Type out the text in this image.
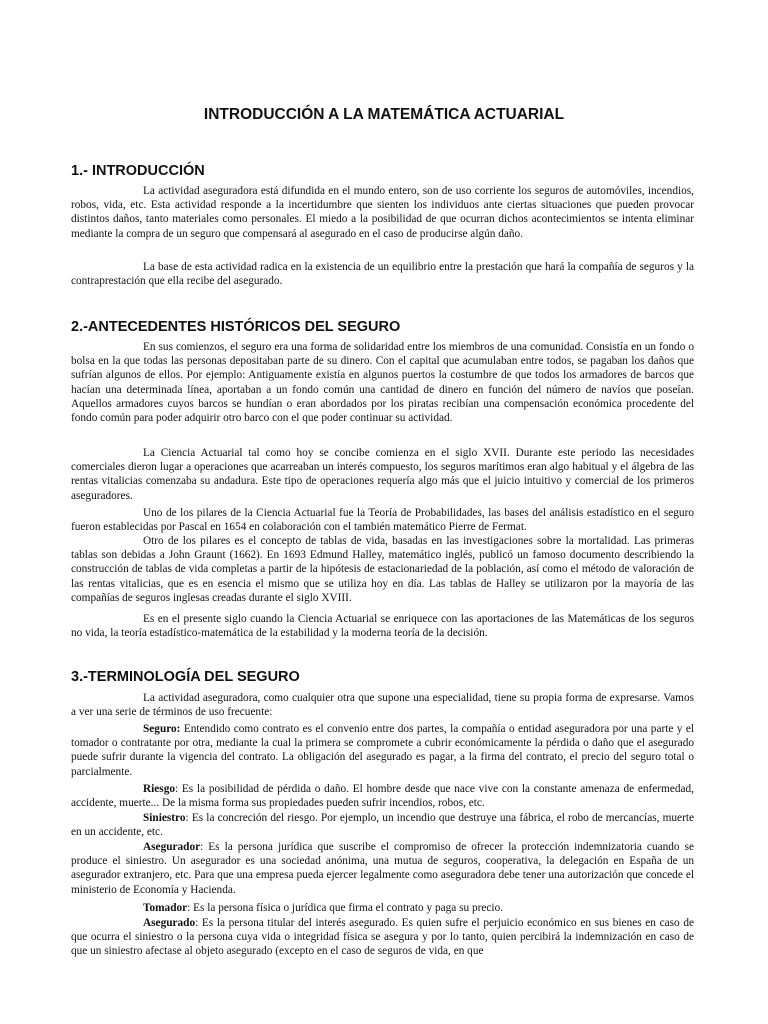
INTRODUCCIÓN A LA MATEMÁTICA ACTUARIAL
1.- INTRODUCCIÓN

La actividad aseguradora está difundida en el mundo entero, son de uso corriente los seguros de automóviles, incendios, robos, vida, etc. Esta actividad responde a la incertidumbre que sienten los individuos ante ciertas situaciones que pueden provocar distintos daños, tanto materiales como personales. El miedo a la posibilidad de que ocurran dichos acontecimientos se intenta eliminar mediante la compra de un seguro que compensará al asegurado en el caso de producirse algún daño.

La base de esta actividad radica en la existencia de un equilibrio entre la prestación que hará la compañía de seguros y la contraprestación que ella recibe del asegurado.

2.-ANTECEDENTES HISTÓRICOS DEL SEGURO

En sus comienzos, el seguro era una forma de solidaridad entre los miembros de una comunidad. Consistía en un fondo o bolsa en la que todas las personas depositaban parte de su dinero. Con el capital que acumulaban entre todos, se pagaban los daños que sufrían algunos de ellos. Por ejemplo: Antiguamente existía en algunos puertos la costumbre de que todos los armadores de barcos que hacían una determinada línea, aportaban a un fondo común una cantidad de dinero en función del número de navíos que poseían. Aquellos armadores cuyos barcos se hundían o eran abordados por los piratas recibían una compensación económica procedente del fondo común para poder adquirir otro barco con el que poder continuar su actividad.

La Ciencia Actuarial tal como hoy se concibe comienza en el siglo XVII. Durante este periodo las necesidades comerciales dieron lugar a operaciones que acarreaban un interés compuesto, los seguros marítimos eran algo habitual y el álgebra de las rentas vitalicias comenzaba su andadura. Este tipo de operaciones requería algo más que el juicio intuitivo y comercial de los primeros aseguradores.

Uno de los pilares de la Ciencia Actuarial fue la Teoría de Probabilidades, las bases del análisis estadístico en el seguro fueron establecidas por Pascal en 1654 en colaboración con el también matemático Pierre de Fermat.

Otro de los pilares es el concepto de tablas de vida, basadas en las investigaciones sobre la mortalidad. Las primeras tablas son debidas a John Graunt (1662). En 1693 Edmund Halley, matemático inglés, publicó un famoso documento describiendo la construcción de tablas de vida completas a partir de la hipótesis de estacionariedad de la población, así como el método de valoración de las rentas vitalicias, que es en esencia el mismo que se utiliza hoy en día. Las tablas de Halley se utilizaron por la mayoría de las compañías de seguros inglesas creadas durante el siglo XVIII.

Es en el presente siglo cuando la Ciencia Actuarial se enriquece con las aportaciones de las Matemáticas de los seguros no vida, la teoría estadístico-matemática de la estabilidad y la moderna teoría de la decisión.

3.-TERMINOLOGÍA DEL SEGURO

La actividad aseguradora, como cualquier otra que supone una especialidad, tiene su propia forma de expresarse. Vamos a ver una serie de términos de uso frecuente:

Seguro: Entendido como contrato es el convenio entre dos partes, la compañía o entidad aseguradora por una parte y el tomador o contratante por otra, mediante la cual la primera se compromete a cubrir económicamente la pérdida o daño que el asegurado puede sufrir durante la vigencia del contrato. La obligación del asegurado es pagar, a la firma del contrato, el precio del seguro total o parcialmente.

Riesgo: Es la posibilidad de pérdida o daño. El hombre desde que nace vive con la constante amenaza de enfermedad, accidente, muerte... De la misma forma sus propiedades pueden sufrir incendios, robos, etc.

Siniestro: Es la concreción del riesgo. Por ejemplo, un incendio que destruye una fábrica, el robo de mercancías, muerte en un accidente, etc.

Asegurador: Es la persona jurídica que suscribe el compromiso de ofrecer la protección indemnizatoria cuando se produce el siniestro. Un asegurador es una sociedad anónima, una mutua de seguros, cooperativa, la delegación en España de un asegurador extranjero, etc. Para que una empresa pueda ejercer legalmente como aseguradora debe tener una autorización que concede el ministerio de Economía y Hacienda.

Tomador: Es la persona física o jurídica que firma el contrato y paga su precio.

Asegurado: Es la persona titular del interés asegurado. Es quien sufre el perjuicio económico en sus bienes en caso de que ocurra el siniestro o la persona cuya vida o integridad física se asegura y por lo tanto, quien percibirá la indemnización en caso de que un siniestro afectase al objeto asegurado (excepto en el caso de seguros de vida, en que
